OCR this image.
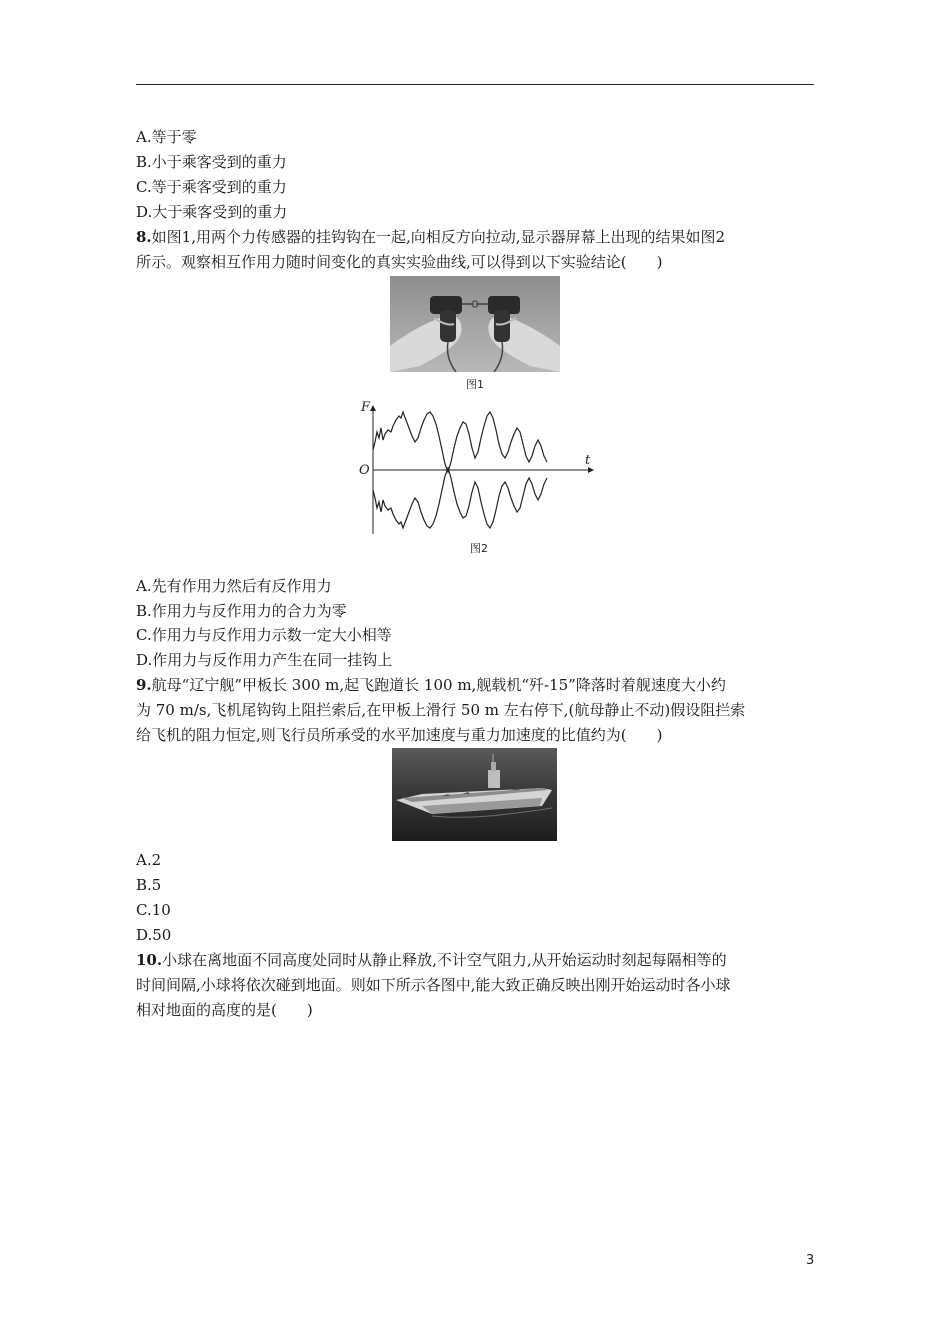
A.等于零
B.小于乘客受到的重力
C.等于乘客受到的重力
D.大于乘客受到的重力
8.如图1,用两个力传感器的挂钩钩在一起,向相反方向拉动,显示器屏幕上出现的结果如图2
所示。观察相互作用力随时间变化的真实实验曲线,可以得到以下实验结论(　　)
图1
F
t
O
图2
A.先有作用力然后有反作用力
B.作用力与反作用力的合力为零
C.作用力与反作用力示数一定大小相等
D.作用力与反作用力产生在同一挂钩上
9.航母“辽宁舰”甲板长 300 m,起飞跑道长 100 m,舰载机“歼-15”降落时着舰速度大小约
为 70 m/s,飞机尾钩钩上阻拦索后,在甲板上滑行 50 m 左右停下,(航母静止不动)假设阻拦索
给飞机的阻力恒定,则飞行员所承受的水平加速度与重力加速度的比值约为(　　)
A.2
B.5
C.10
D.50
10.小球在离地面不同高度处同时从静止释放,不计空气阻力,从开始运动时刻起每隔相等的
时间间隔,小球将依次碰到地面。则如下所示各图中,能大致正确反映出刚开始运动时各小球
相对地面的高度的是(　　)
3
